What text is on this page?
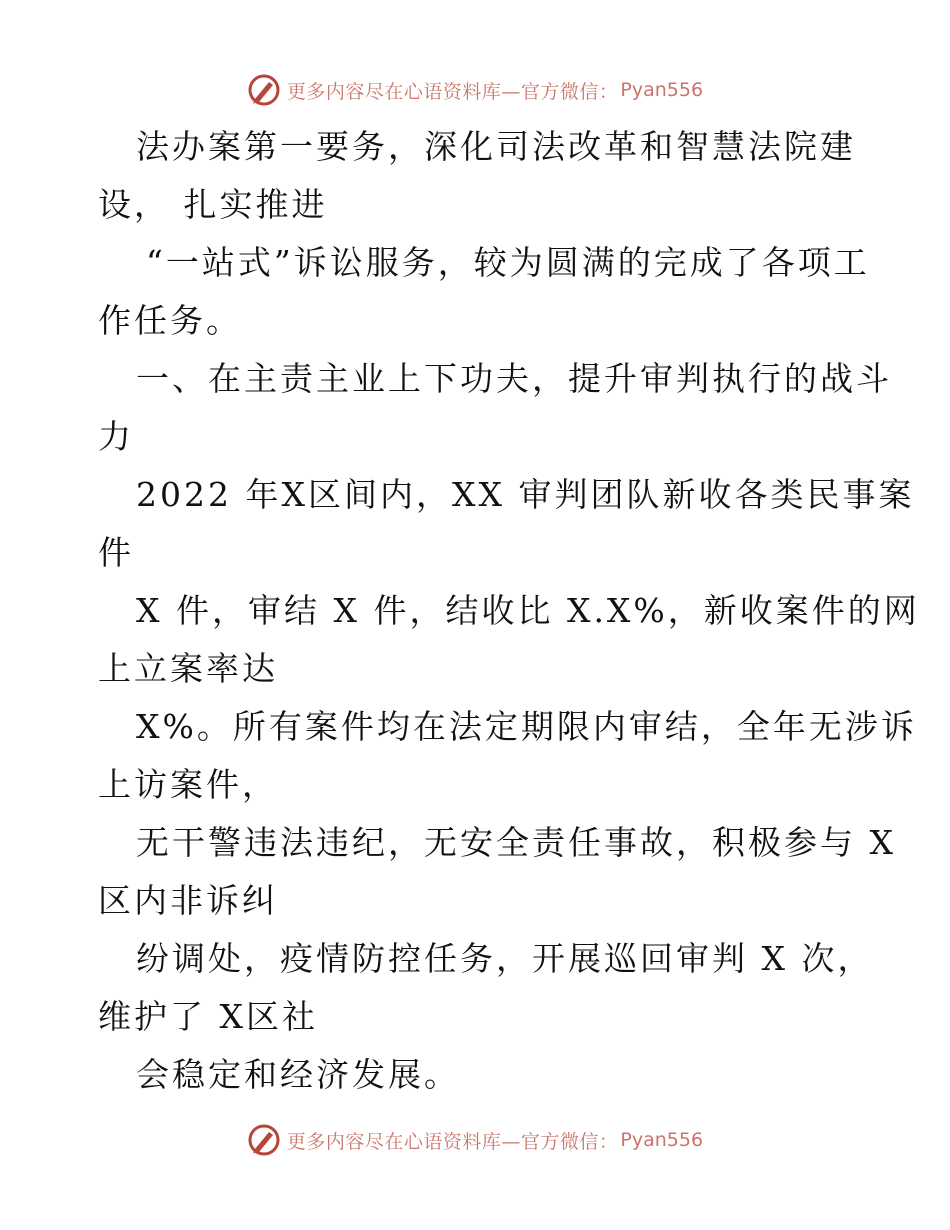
更多内容尽在心语资料库—官方微信： Pyan556
法办案第一要务，深化司法改革和智慧法院建
设， 扎实推进
“一站式”诉讼服务，较为圆满的完成了各项工
作任务。
一、在主责主业上下功夫，提升审判执行的战斗
力
2022 年X区间内，XX 审判团队新收各类民事案
件
X 件，审结 X 件，结收比 X.X%，新收案件的网
上立案率达
X%。所有案件均在法定期限内审结，全年无涉诉
上访案件，
无干警违法违纪，无安全责任事故，积极参与 X
区内非诉纠
纷调处，疫情防控任务，开展巡回审判 X 次，
维护了 X区社
会稳定和经济发展。
更多内容尽在心语资料库—官方微信： Pyan556
